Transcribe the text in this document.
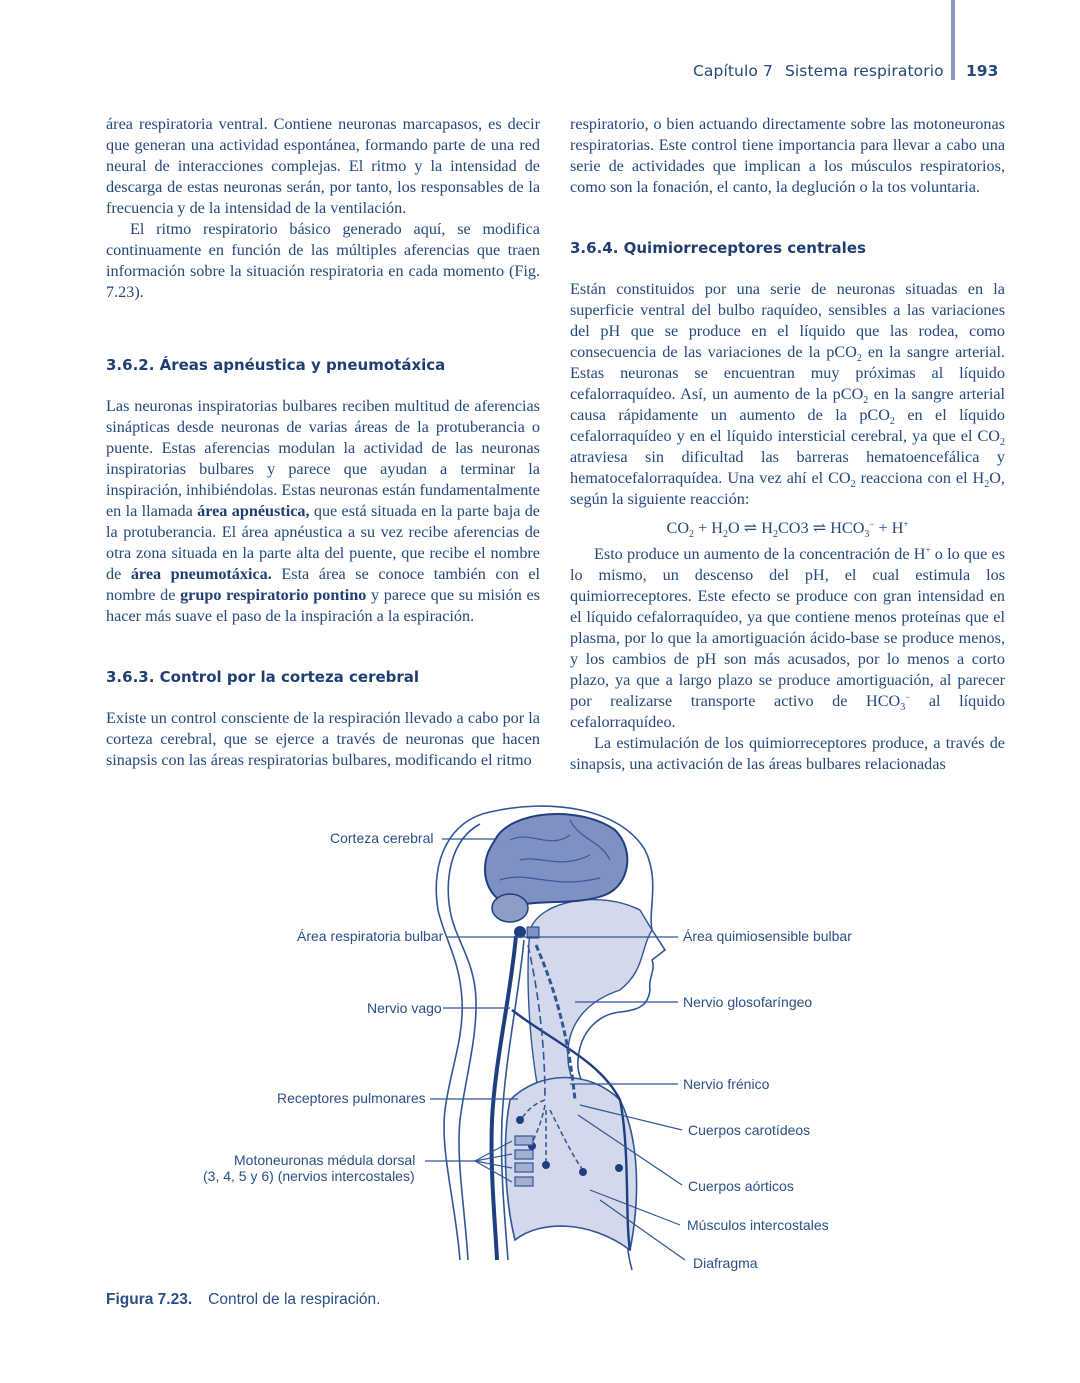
Capítulo 7 Sistema respiratorio 193

área respiratoria ventral. Contiene neuronas marcapasos, es decir que generan una actividad espontánea, formando parte de una red neural de interacciones complejas. El ritmo y la intensidad de descarga de estas neuronas serán, por tanto, los responsables de la frecuencia y de la intensidad de la ventilación.

El ritmo respiratorio básico generado aquí, se modifica continuamente en función de las múltiples aferencias que traen información sobre la situación respiratoria en cada momento (Fig. 7.23).

3.6.2. Áreas apnéustica y pneumotáxica

Las neuronas inspiratorias bulbares reciben multitud de aferencias sinápticas desde neuronas de varias áreas de la protuberancia o puente. Estas aferencias modulan la actividad de las neuronas inspiratorias bulbares y parece que ayudan a terminar la inspiración, inhibiéndolas. Estas neuronas están fundamentalmente en la llamada área apnéustica, que está situada en la parte baja de la protuberancia. El área apnéustica a su vez recibe aferencias de otra zona situada en la parte alta del puente, que recibe el nombre de área pneumotáxica. Esta área se conoce también con el nombre de grupo respiratorio pontino y parece que su misión es hacer más suave el paso de la inspiración a la espiración.

3.6.3. Control por la corteza cerebral

Existe un control consciente de la respiración llevado a cabo por la corteza cerebral, que se ejerce a través de neuronas que hacen sinapsis con las áreas respiratorias bulbares, modificando el ritmo

respiratorio, o bien actuando directamente sobre las motoneuronas respiratorias. Este control tiene importancia para llevar a cabo una serie de actividades que implican a los músculos respiratorios, como son la fonación, el canto, la deglución o la tos voluntaria.

3.6.4. Quimiorreceptores centrales

Están constituidos por una serie de neuronas situadas en la superficie ventral del bulbo raquídeo, sensibles a las variaciones del pH que se produce en el líquido que las rodea, como consecuencia de las variaciones de la pCO$_2$ en la sangre arterial. Estas neuronas se encuentran muy próximas al líquido cefalorraquídeo. Así, un aumento de la pCO$_2$ en la sangre arterial causa rápidamente un aumento de la pCO$_2$ en el líquido cefalorraquídeo y en el líquido intersticial cerebral, ya que el $CO_2$ atraviesa sin dificultad las barreras hematoencefálica y hematocefalorraquídea. Una vez ahí el $CO_2$ reacciona con el $H_2O$, según la siguiente reacción:

$CO_2 + H_2O$ ⇌ $H_2CO3$ ⇌ $HCO_3^- + H^+$

Esto produce un aumento de la concentración de H+ o lo que es lo mismo, un descenso del pH, el cual estimula los quimiorreceptores. Este efecto se produce con gran intensidad en el líquido cefalorraquídeo, ya que contiene menos proteínas que el plasma, por lo que la amortiguación ácido-base se produce menos, y los cambios de pH son más acusados, por lo menos a corto plazo, ya que a largo plazo se produce amortiguación, al parecer por realizarse transporte activo de $HCO_3^-$ al líquido cefalorraquídeo.

La estimulación de los quimiorreceptores produce, a través de sinapsis, una activación de las áreas bulbares relacionadas

Corteza cerebral
Área respiratoria bulbar
Nervio vago
Receptores pulmonares
Motoneuronas médula dorsal
(3, 4, 5 y 6) (nervios intercostales)
Área quimiosensible bulbar
Nervio glosofaríngeo
Nervio frénico
Cuerpos carotídeos
Cuerpos aórticos
Músculos intercostales
Diafragma
Figura 7.23. Control de la respiración.
